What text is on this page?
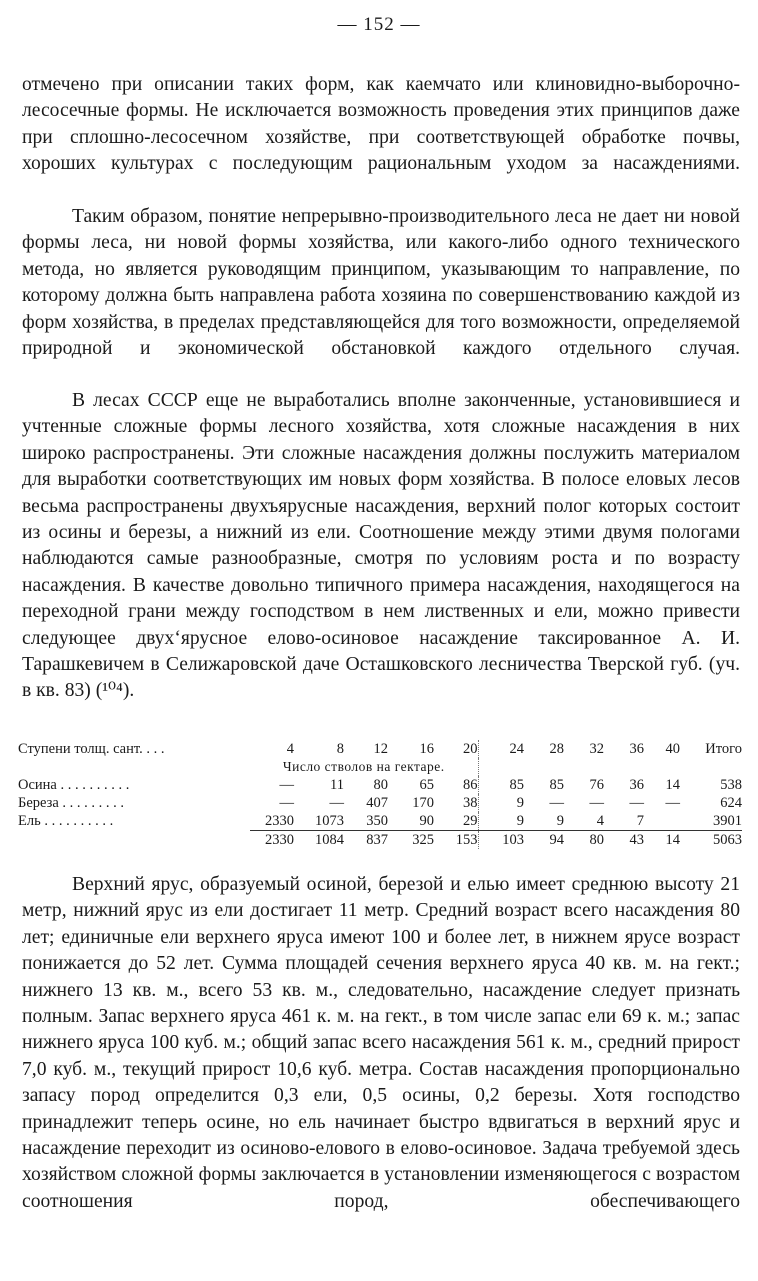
— 152 —

отмечено при описании таких форм, как каемчато или клиновидно-выборочно-лесосечные формы. Не исключается возможность проведения этих принципов даже при сплошно-лесосечном хозяйстве, при соответствующей обработке почвы, хороших культурах с последующим рациональным уходом за насаждениями.

Таким образом, понятие непрерывно-производительного леса не дает ни новой формы леса, ни новой формы хозяйства, или какого-либо одного технического метода, но является руководящим принципом, указывающим то направление, по которому должна быть направлена работа хозяина по совершенствованию каждой из форм хозяйства, в пределах представляющейся для того возможности, определяемой природной и экономической обстановкой каждого отдельного случая.

В лесах СССР еще не выработались вполне законченные, установившиеся и учтенные сложные формы лесного хозяйства, хотя сложные насаждения в них широко распространены. Эти сложные насаждения должны послужить материалом для выработки соответствующих им новых форм хозяйства. В полосе еловых лесов весьма распространены двухъярусные насаждения, верхний полог которых состоит из осины и березы, а нижний из ели. Соотношение между этими двумя пологами наблюдаются самые разнообразные, смотря по условиям роста и по возрасту насаждения. В качестве довольно типичного примера насаждения, находящегося на переходной грани между господством в нем лиственных и ели, можно привести следующее двух‘ярусное елово-осиновое насаждение таксированное А. И. Тарашкевичем в Селижаровской даче Осташковского лесничества Тверской губ. (уч. в кв. 83) (¹⁰⁴).

Ступени толщ. сант. . . .	4	8	12	16	20	24	28	32	36	40	Итого
	Число стволов на гектаре.										
Осина . . . . . . . . . .	—	11	80	65	86	85	85	76	36	14	538
Береза . . . . . . . . .	—	—	407	170	38	9	—	—	—	—	624
Ель . . . . . . . . . .	2330	1073	350	90	29	9	9	4	7		3901
	2330	1084	837	325	153	103	94	80	43	14	5063

Верхний ярус, образуемый осиной, березой и елью имеет среднюю высоту 21 метр, нижний ярус из ели достигает 11 метр. Средний возраст всего насаждения 80 лет; единичные ели верхнего яруса имеют 100 и более лет, в нижнем ярусе возраст понижается до 52 лет. Сумма площадей сечения верхнего яруса 40 кв. м. на гект.; нижнего 13 кв. м., всего 53 кв. м., следовательно, насаждение следует признать полным. Запас верхнего яруса 461 к. м. на гект., в том числе запас ели 69 к. м.; запас нижнего яруса 100 куб. м.; общий запас всего насаждения 561 к. м., средний прирост 7,0 куб. м., текущий прирост 10,6 куб. метра. Состав насаждения пропорционально запасу пород определится 0,3 ели, 0,5 осины, 0,2 березы. Хотя господство принадлежит теперь осине, но ель начинает быстро вдвигаться в верхний ярус и насаждение переходит из осиново-елового в елово-осиновое. Задача требуемой здесь хозяйством сложной формы заключается в установлении изменяющегося с возрастом соотношения пород, обеспечивающего
